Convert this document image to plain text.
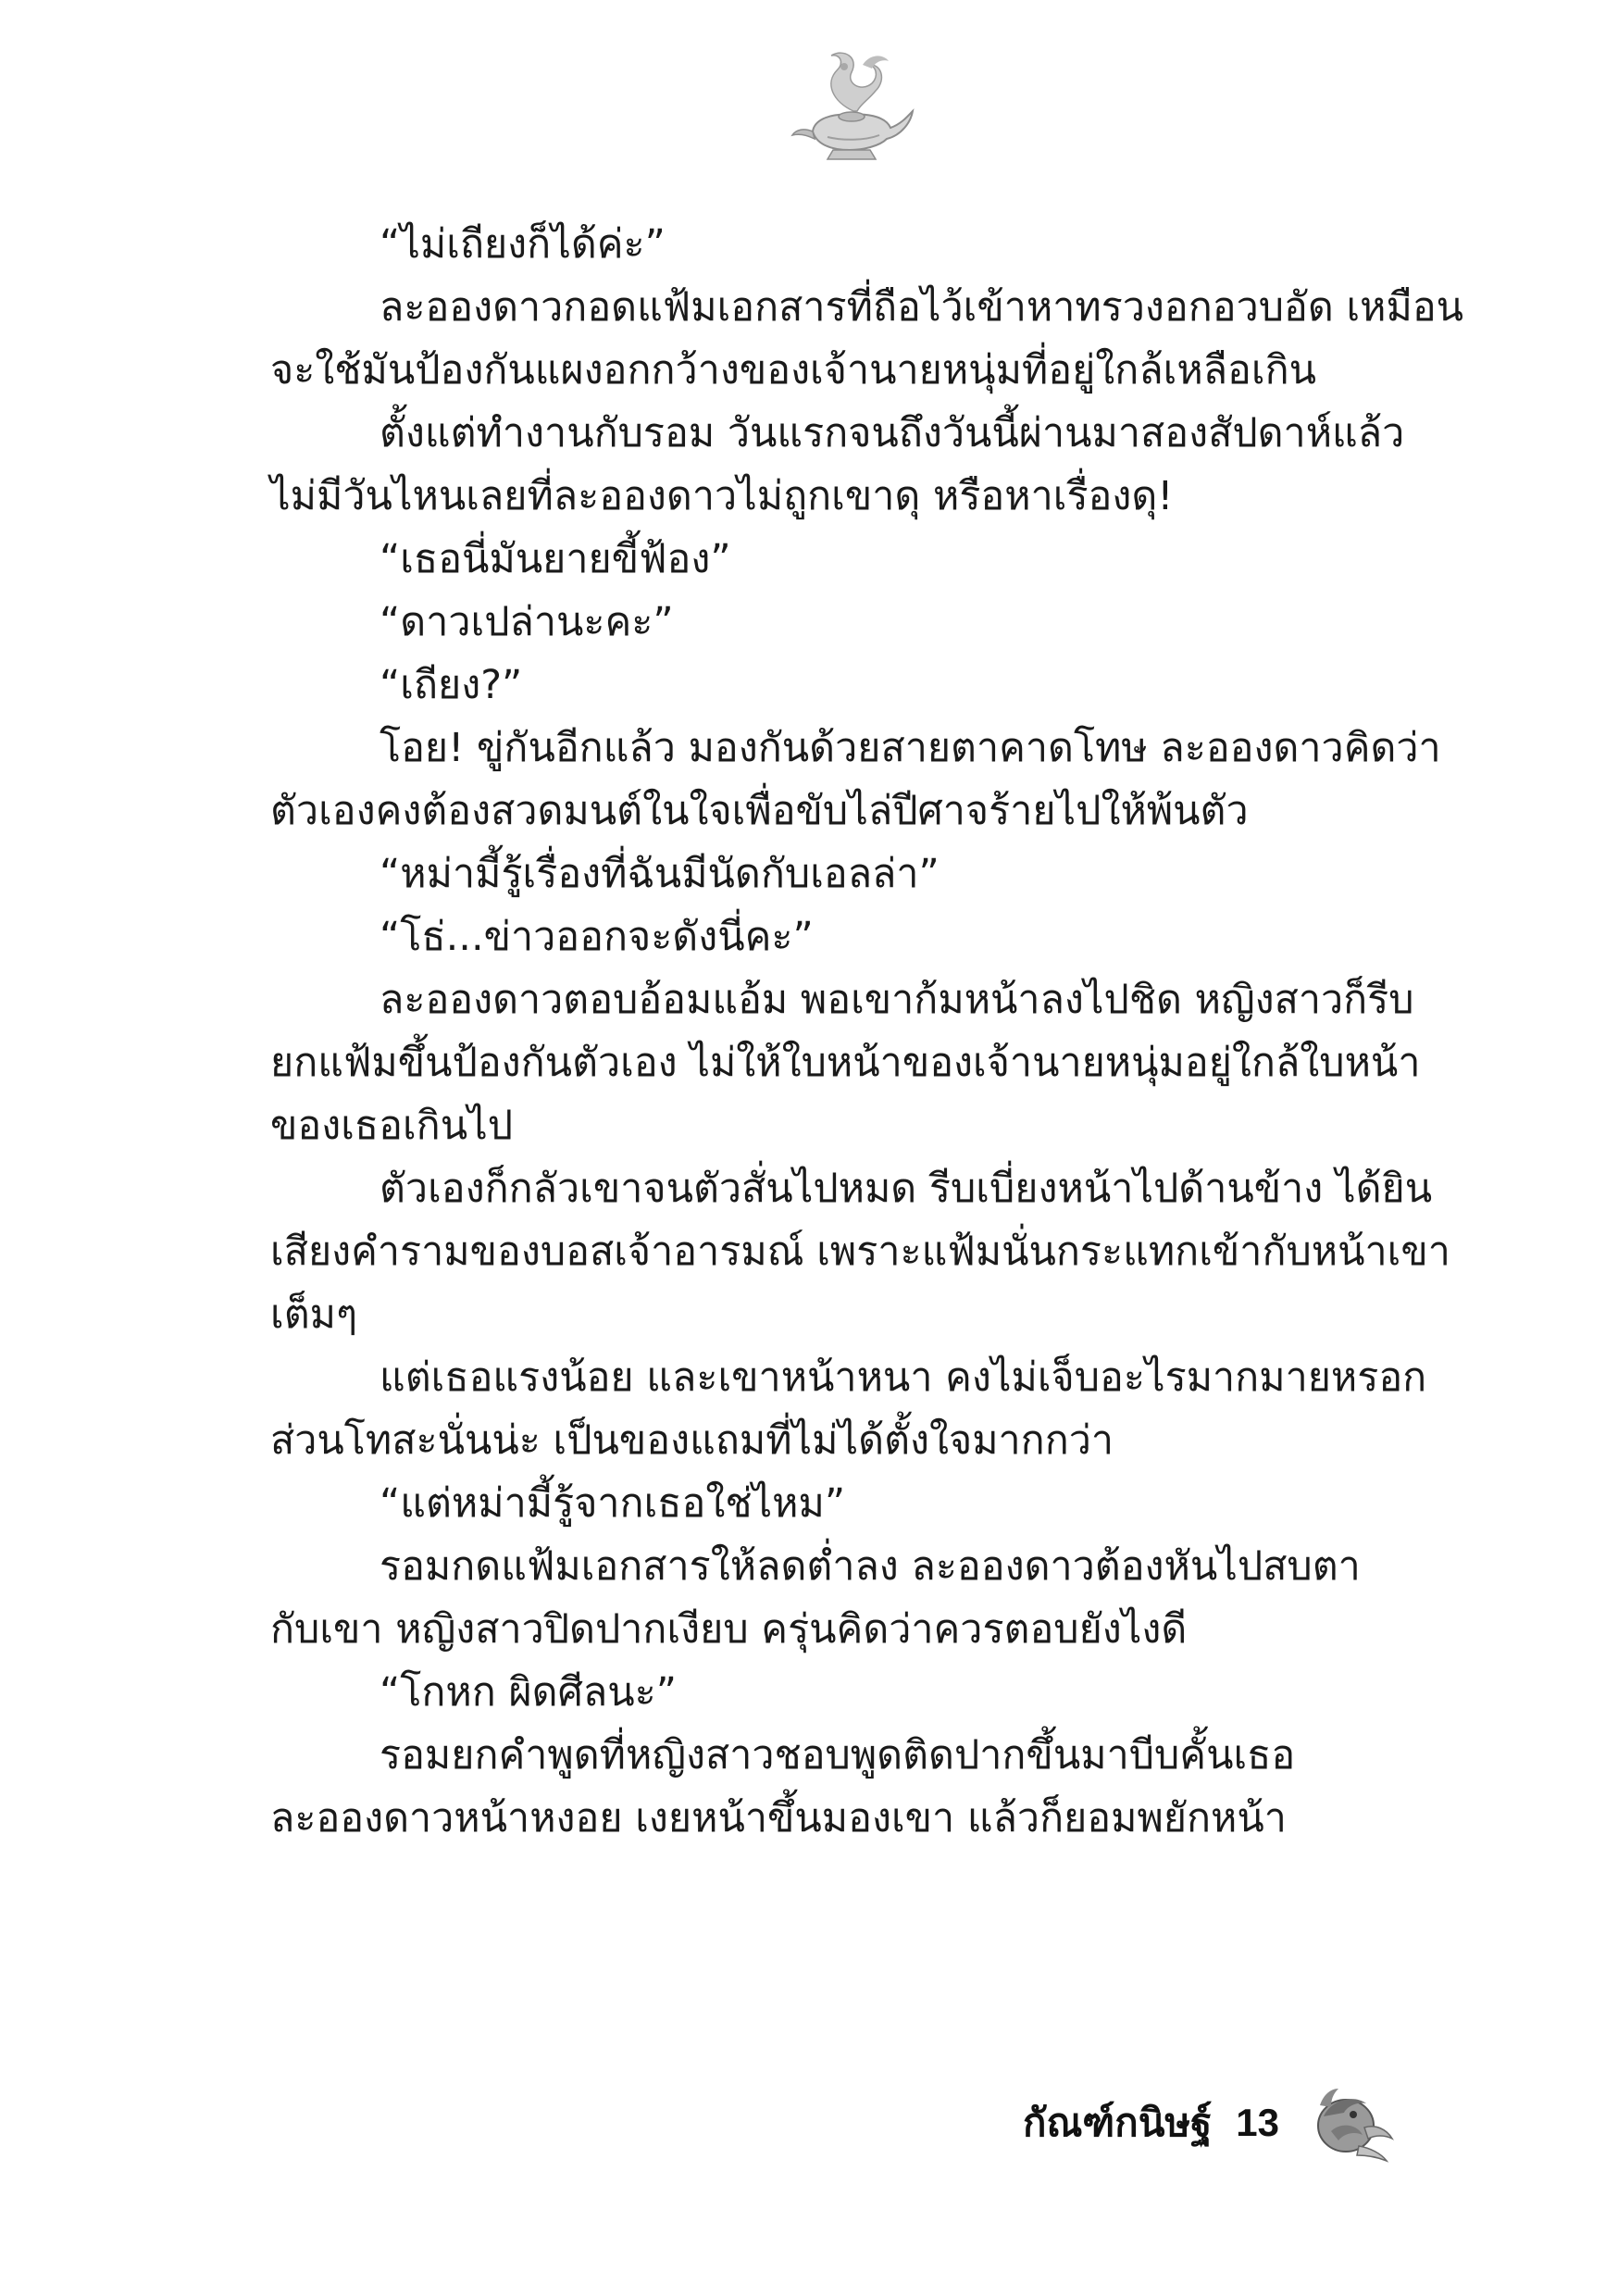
“ไม่เถียงก็ได้ค่ะ”

ละอองดาวกอดแฟ้มเอกสารที่ถือไว้เข้าหาทรวงอกอวบอัด เหมือน

จะใช้มันป้องกันแผงอกกว้างของเจ้านายหนุ่มที่อยู่ใกล้เหลือเกิน

ตั้งแต่ทำงานกับรอม วันแรกจนถึงวันนี้ผ่านมาสองสัปดาห์แล้ว

ไม่มีวันไหนเลยที่ละอองดาวไม่ถูกเขาดุ หรือหาเรื่องดุ!

“เธอนี่มันยายขี้ฟ้อง”

“ดาวเปล่านะคะ”

“เถียง?”

โอย! ขู่กันอีกแล้ว มองกันด้วยสายตาคาดโทษ ละอองดาวคิดว่า

ตัวเองคงต้องสวดมนต์ในใจเพื่อขับไล่ปีศาจร้ายไปให้พ้นตัว

“หม่ามี้รู้เรื่องที่ฉันมีนัดกับเอลล่า”

“โธ่...ข่าวออกจะดังนี่คะ”

ละอองดาวตอบอ้อมแอ้ม พอเขาก้มหน้าลงไปชิด หญิงสาวก็รีบ

ยกแฟ้มขึ้นป้องกันตัวเอง ไม่ให้ใบหน้าของเจ้านายหนุ่มอยู่ใกล้ใบหน้า

ของเธอเกินไป

ตัวเองก็กลัวเขาจนตัวสั่นไปหมด รีบเบี่ยงหน้าไปด้านข้าง ได้ยิน

เสียงคำรามของบอสเจ้าอารมณ์ เพราะแฟ้มนั่นกระแทกเข้ากับหน้าเขา

เต็มๆ

แต่เธอแรงน้อย และเขาหน้าหนา คงไม่เจ็บอะไรมากมายหรอก

ส่วนโทสะนั่นน่ะ เป็นของแถมที่ไม่ได้ตั้งใจมากกว่า

“แต่หม่ามี้รู้จากเธอใช่ไหม”

รอมกดแฟ้มเอกสารให้ลดต่ำลง ละอองดาวต้องหันไปสบตา

กับเขา หญิงสาวปิดปากเงียบ ครุ่นคิดว่าควรตอบยังไงดี

“โกหก ผิดศีลนะ”

รอมยกคำพูดที่หญิงสาวชอบพูดติดปากขึ้นมาบีบคั้นเธอ

ละอองดาวหน้าหงอย เงยหน้าขึ้นมองเขา แล้วก็ยอมพยักหน้า

กัณฑ์กนิษฐ์ 13
